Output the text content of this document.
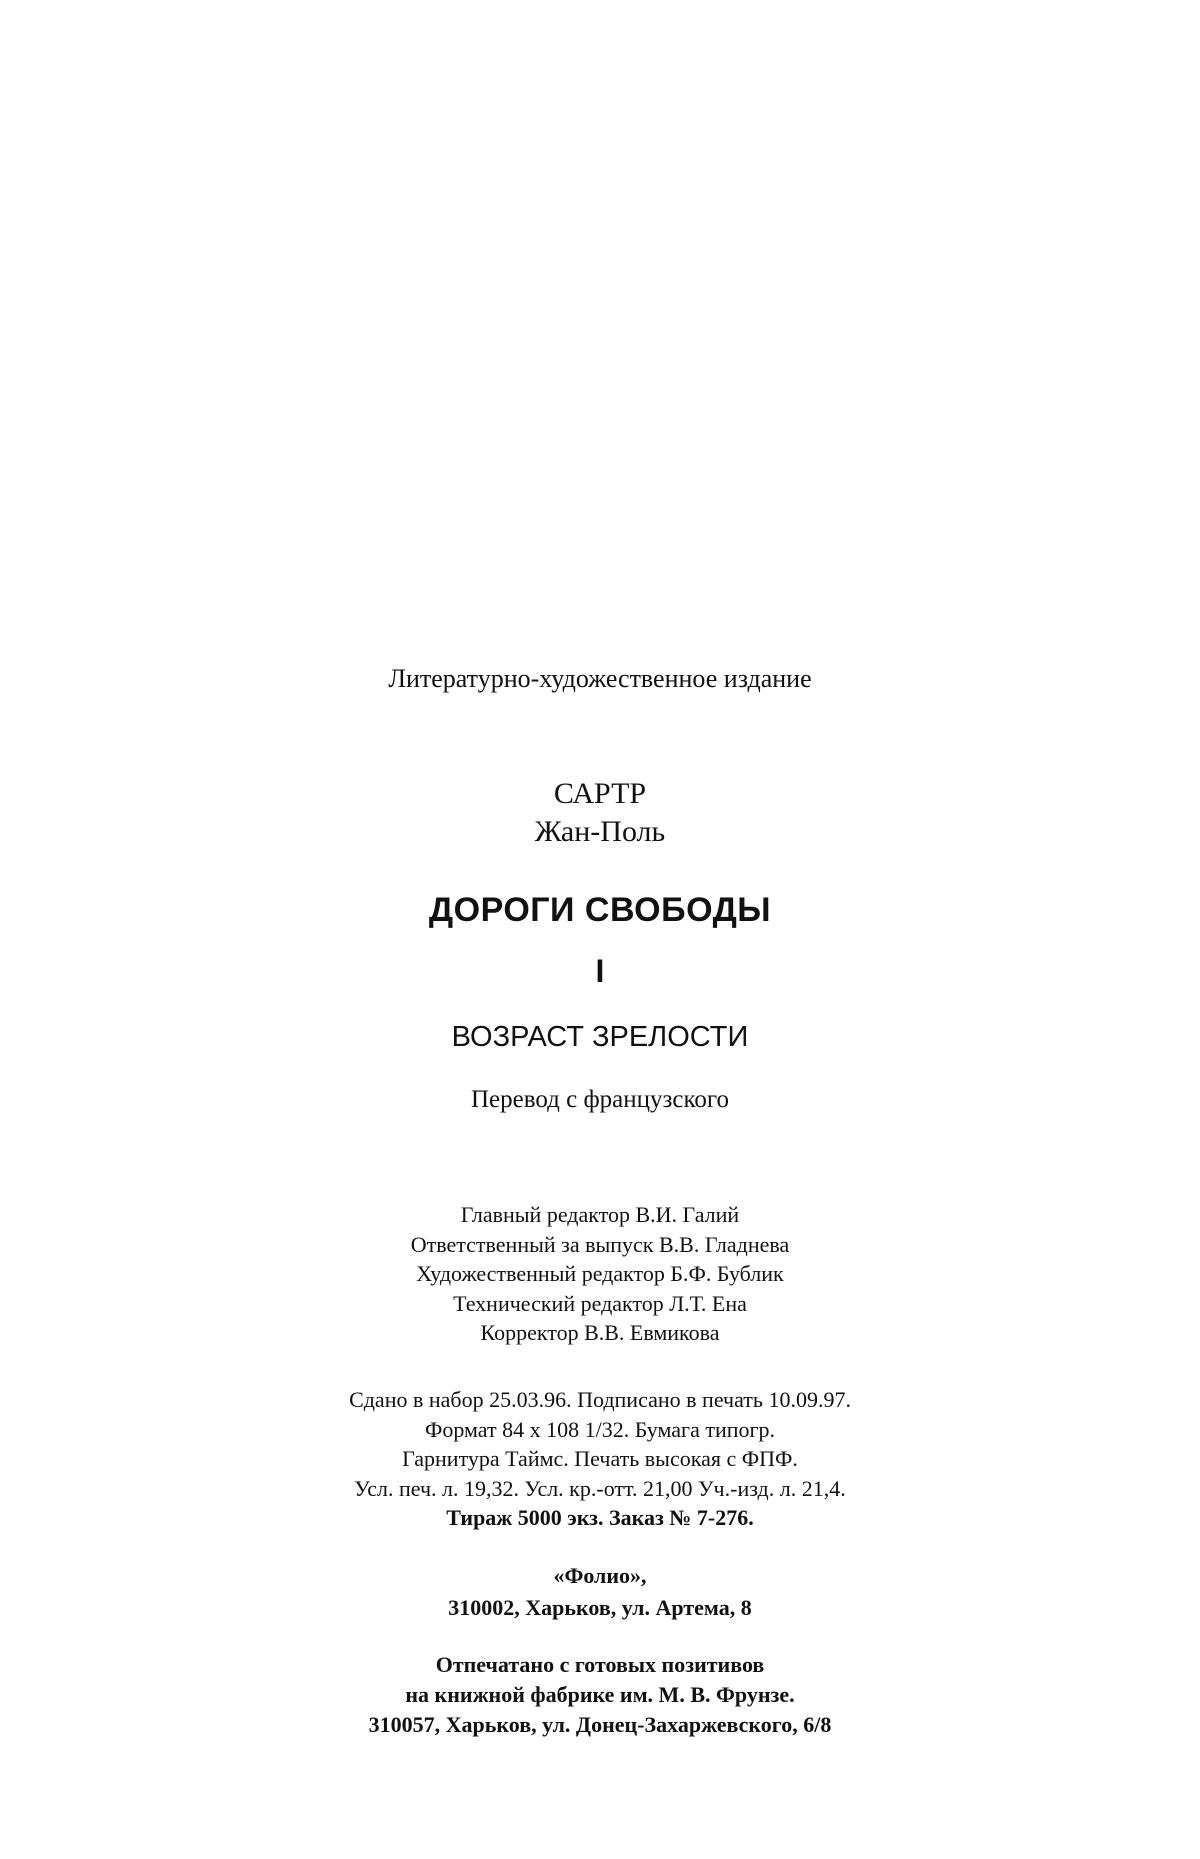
Литературно-художественное издание
САРТР
Жан-Поль
ДОРОГИ СВОБОДЫ
I
ВОЗРАСТ ЗРЕЛОСТИ
Перевод с французского
Главный редактор В.И. Галий
Ответственный за выпуск В.В. Гладнева
Художественный редактор Б.Ф. Бублик
Технический редактор Л.Т. Ена
Корректор В.В. Евмикова
Сдано в набор 25.03.96. Подписано в печать 10.09.97.
Формат 84 x 108 1/32. Бумага типогр.
Гарнитура Таймс. Печать высокая с ФПФ.
Усл. печ. л. 19,32. Усл. кр.-отт. 21,00 Уч.-изд. л. 21,4.
Тираж 5000 экз. Заказ № 7-276.
«Фолио»,
310002, Харьков, ул. Артема, 8
Отпечатано с готовых позитивов
на книжной фабрике им. М. В. Фрунзе.
310057, Харьков, ул. Донец-Захаржевского, 6/8
